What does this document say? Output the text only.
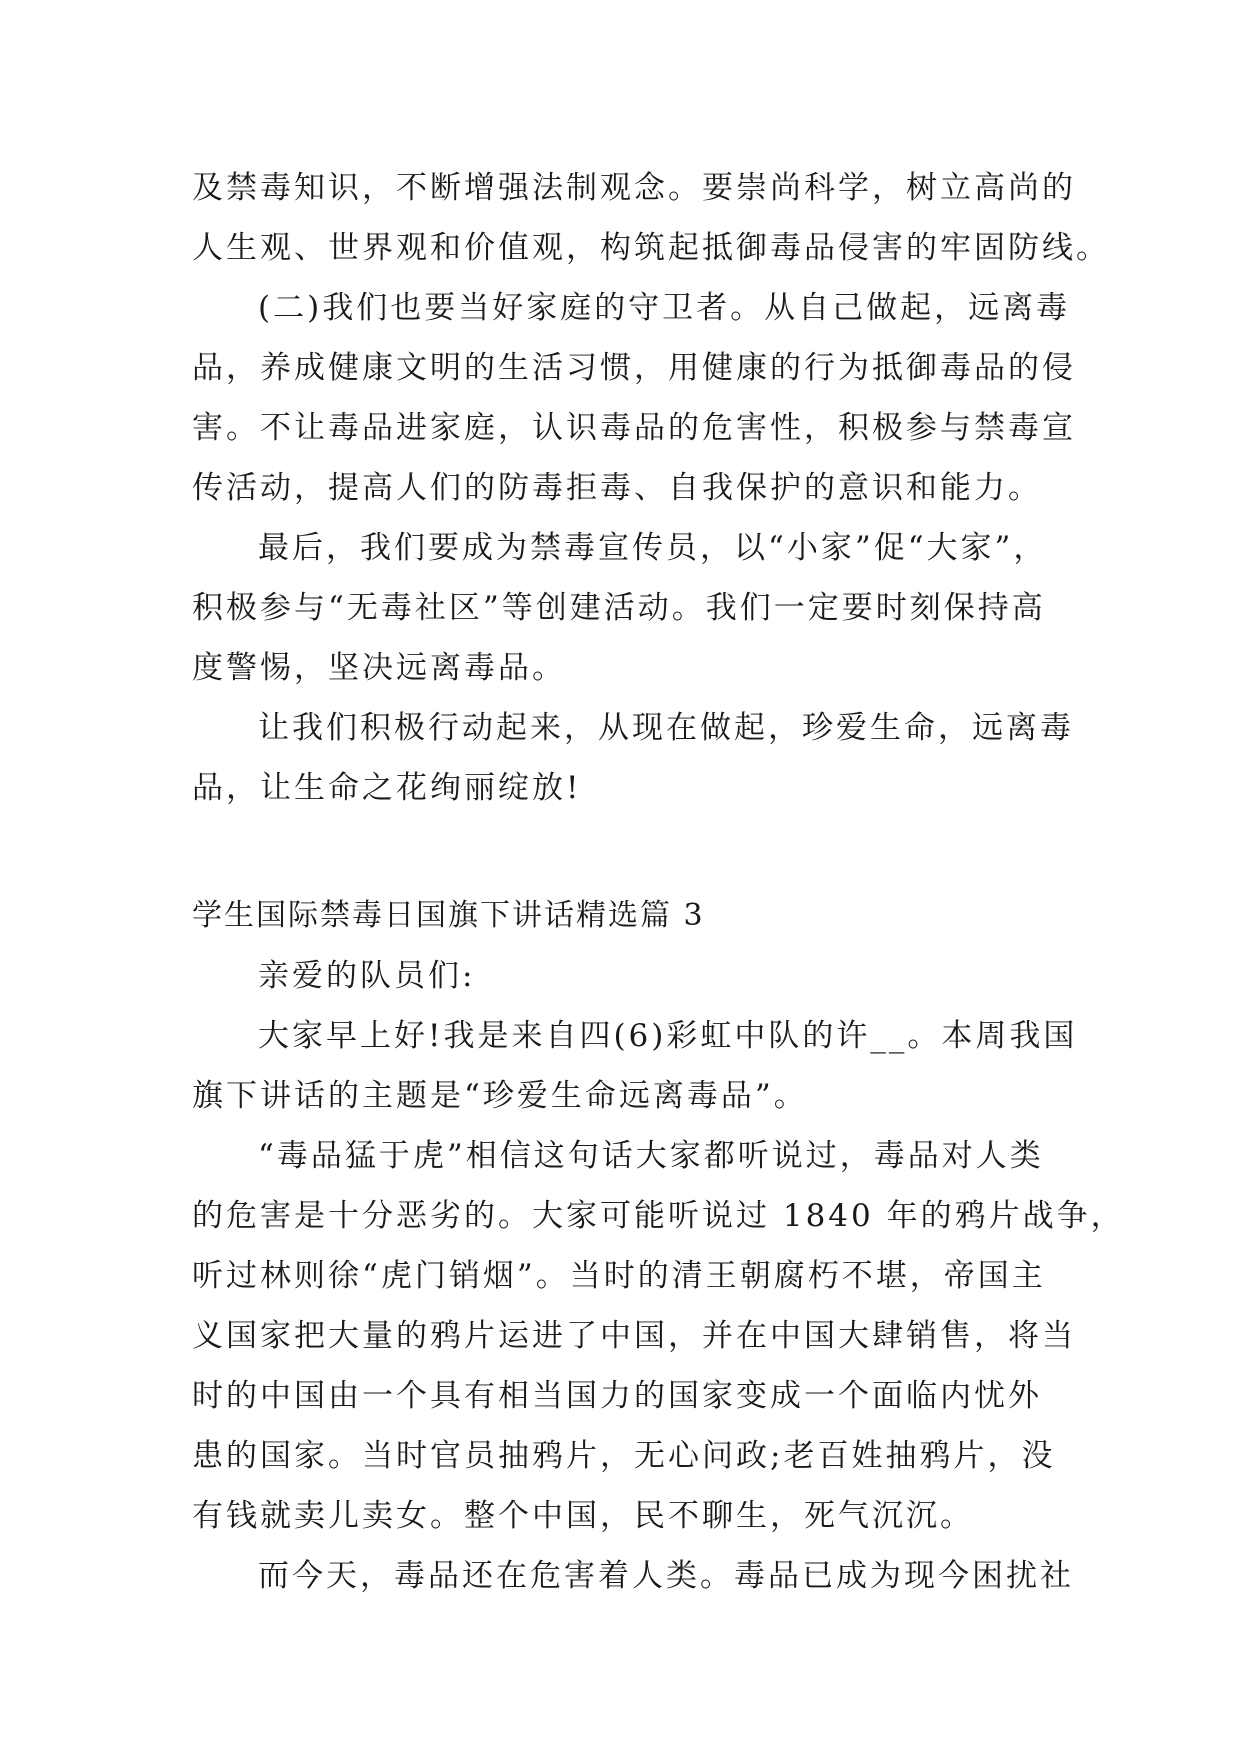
及禁毒知识，不断增强法制观念。要崇尚科学，树立高尚的
人生观、世界观和价值观，构筑起抵御毒品侵害的牢固防线。
(二)我们也要当好家庭的守卫者。从自己做起，远离毒
品，养成健康文明的生活习惯，用健康的行为抵御毒品的侵
害。不让毒品进家庭，认识毒品的危害性，积极参与禁毒宣
传活动，提高人们的防毒拒毒、自我保护的意识和能力。
最后，我们要成为禁毒宣传员，以“小家”促“大家”，
积极参与“无毒社区”等创建活动。我们一定要时刻保持高
度警惕，坚决远离毒品。
让我们积极行动起来，从现在做起，珍爱生命，远离毒
品，让生命之花绚丽绽放!
学生国际禁毒日国旗下讲话精选篇 3
亲爱的队员们:
大家早上好!我是来自四(6)彩虹中队的许__。本周我国
旗下讲话的主题是“珍爱生命远离毒品”。
“毒品猛于虎”相信这句话大家都听说过，毒品对人类
的危害是十分恶劣的。大家可能听说过 1840 年的鸦片战争，
听过林则徐“虎门销烟”。当时的清王朝腐朽不堪，帝国主
义国家把大量的鸦片运进了中国，并在中国大肆销售，将当
时的中国由一个具有相当国力的国家变成一个面临内忧外
患的国家。当时官员抽鸦片，无心问政;老百姓抽鸦片，没
有钱就卖儿卖女。整个中国，民不聊生，死气沉沉。
而今天，毒品还在危害着人类。毒品已成为现今困扰社
